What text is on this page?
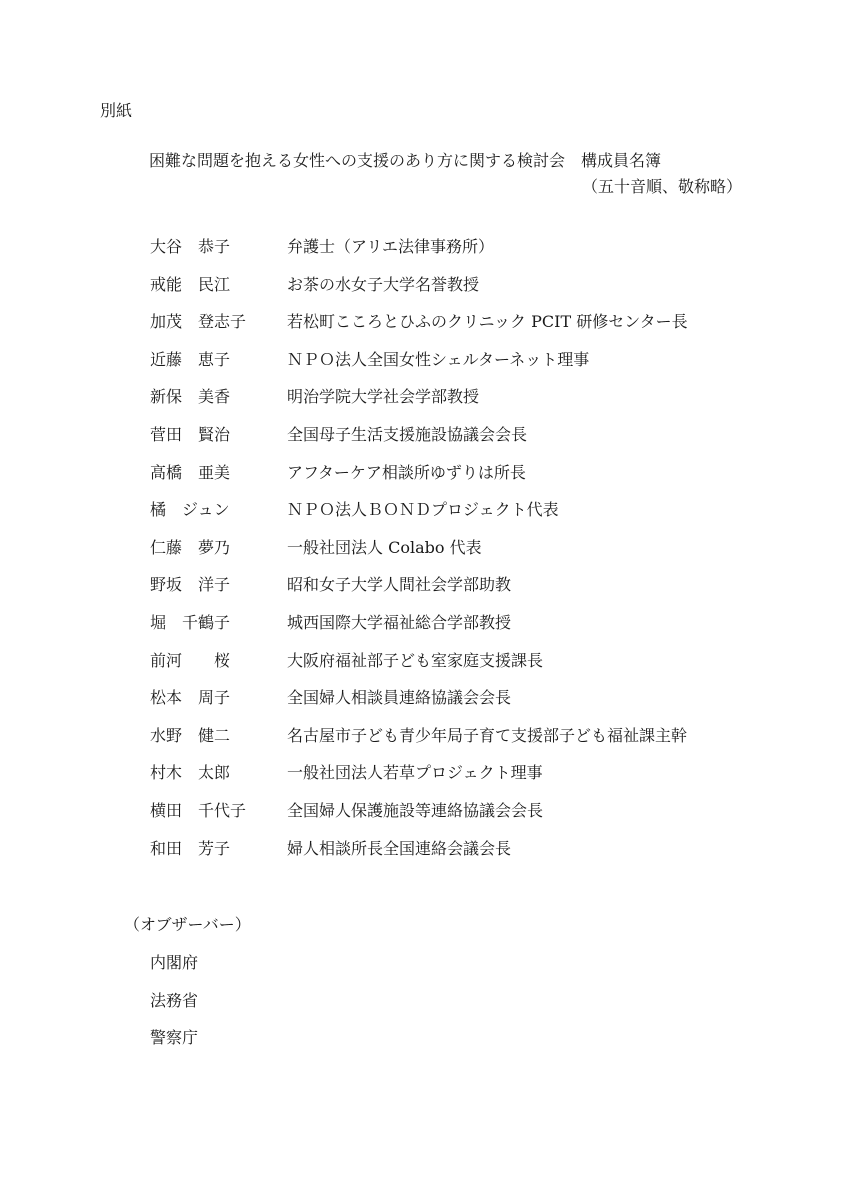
別紙
困難な問題を抱える女性への支援のあり方に関する検討会　構成員名簿
（五十音順、敬称略）
大谷　恭子	弁護士（アリエ法律事務所）
戒能　民江	お茶の水女子大学名誉教授
加茂　登志子	若松町こころとひふのクリニック PCIT 研修センター長
近藤　恵子	ＮＰＯ法人全国女性シェルターネット理事
新保　美香	明治学院大学社会学部教授
菅田　賢治	全国母子生活支援施設協議会会長
高橋　亜美	アフターケア相談所ゆずりは所長
橘　ジュン	ＮＰＯ法人ＢＯＮＤプロジェクト代表
仁藤　夢乃	一般社団法人 Colabo 代表
野坂　洋子	昭和女子大学人間社会学部助教
堀　千鶴子	城西国際大学福祉総合学部教授
前河　　桜	大阪府福祉部子ども室家庭支援課長
松本　周子	全国婦人相談員連絡協議会会長
水野　健二	名古屋市子ども青少年局子育て支援部子ども福祉課主幹
村木　太郎	一般社団法人若草プロジェクト理事
横田　千代子	全国婦人保護施設等連絡協議会会長
和田　芳子	婦人相談所長全国連絡会議会長
（オブザーバー）
内閣府
法務省
警察庁
